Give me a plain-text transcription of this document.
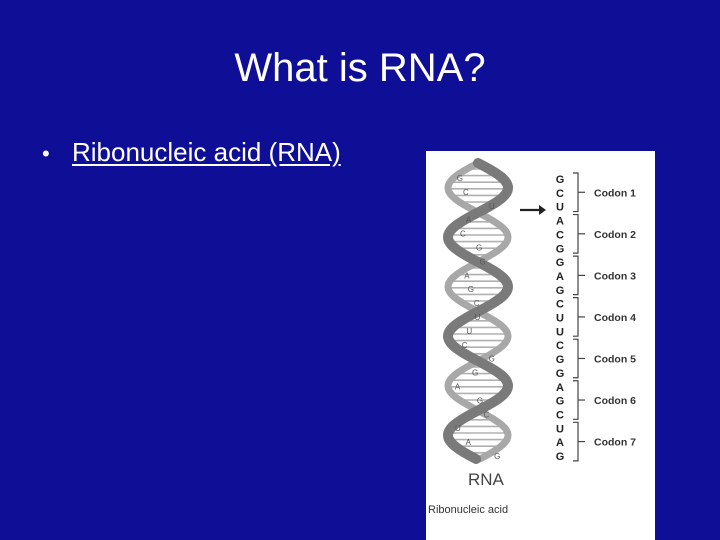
What is RNA?
• Ribonucleic acid (RNA)
G
C
U
A
C
G
G
A
G
C
U
U
C
G
G
A
G
C
U
A
G
G
C
U
A
C
G
G
A
G
C
U
U
C
G
G
A
G
C
U
A
G
Codon 1
Codon 2
Codon 3
Codon 4
Codon 5
Codon 6
Codon 7
RNA
Ribonucleic acid
